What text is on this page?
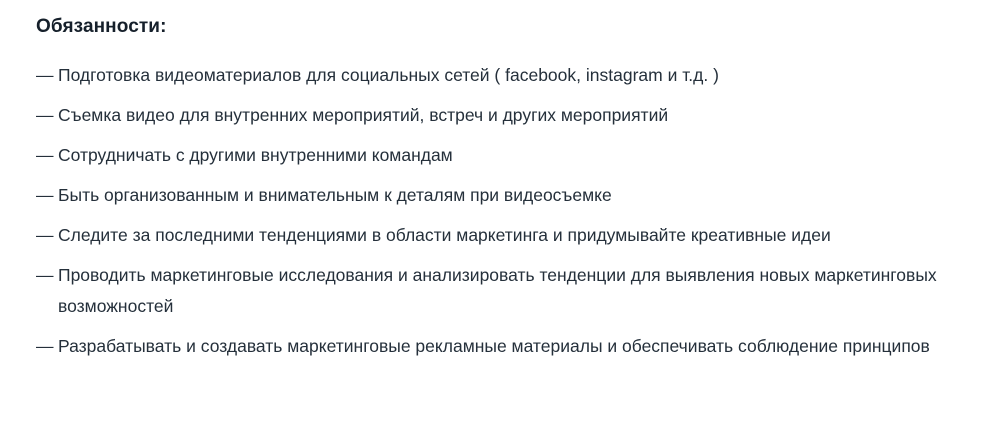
Обязанности:
— Подготовка видеоматериалов для социальных сетей ( facebook, instagram и т.д. )
— Съемка видео для внутренних мероприятий, встреч и других мероприятий
— Сотрудничать с другими внутренними командам
— Быть организованным и внимательным к деталям при видеосъемке
— Следите за последними тенденциями в области маркетинга и придумывайте креативные идеи
— Проводить маркетинговые исследования и анализировать тенденции для выявления новых маркетинговых возможностей
— Разрабатывать и создавать маркетинговые рекламные материалы и обеспечивать соблюдение принципов
